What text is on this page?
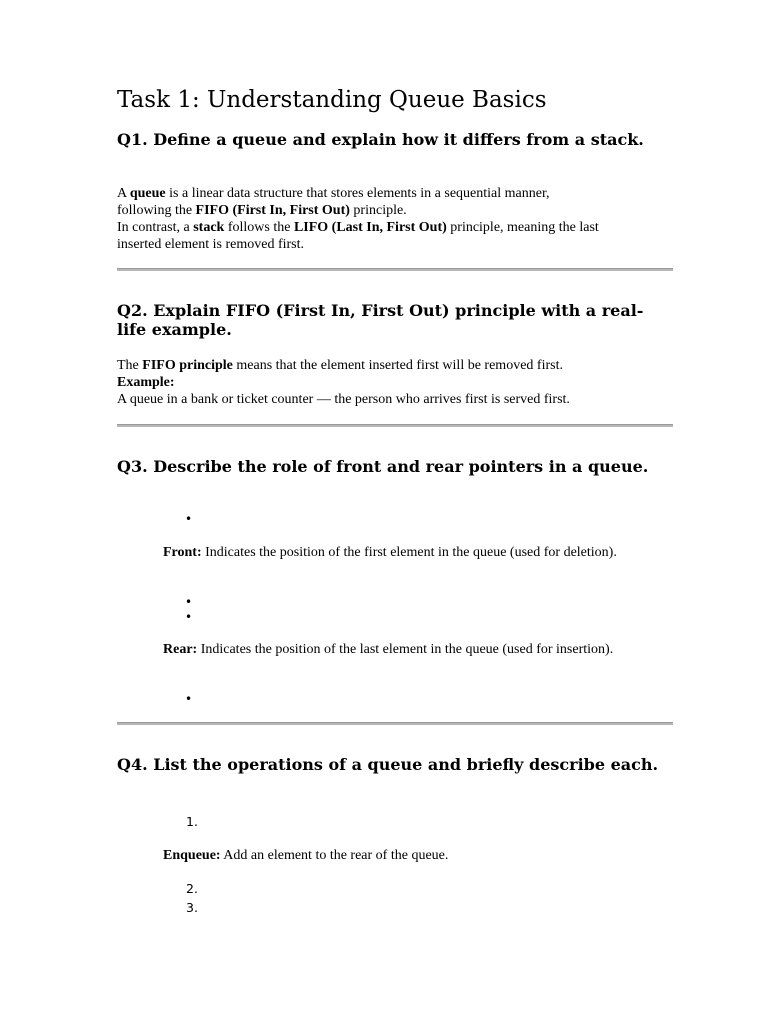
Task 1: Understanding Queue Basics
Q1. Define a queue and explain how it differs from a stack.

A queue is a linear data structure that stores elements in a sequential manner,

following the FIFO (First In, First Out) principle.

In contrast, a stack follows the LIFO (Last In, First Out) principle, meaning the last

inserted element is removed first.

Q2. Explain FIFO (First In, First Out) principle with a real-life example.

The FIFO principle means that the element inserted first will be removed first.

Example:

A queue in a bank or ticket counter — the person who arrives first is served first.

Q3. Describe the role of front and rear pointers in a queue.
•

Front: Indicates the position of the first element in the queue (used for deletion).

•
•

Rear: Indicates the position of the last element in the queue (used for insertion).

•
Q4. List the operations of a queue and briefly describe each.
1.

Enqueue: Add an element to the rear of the queue.

2.
3.
